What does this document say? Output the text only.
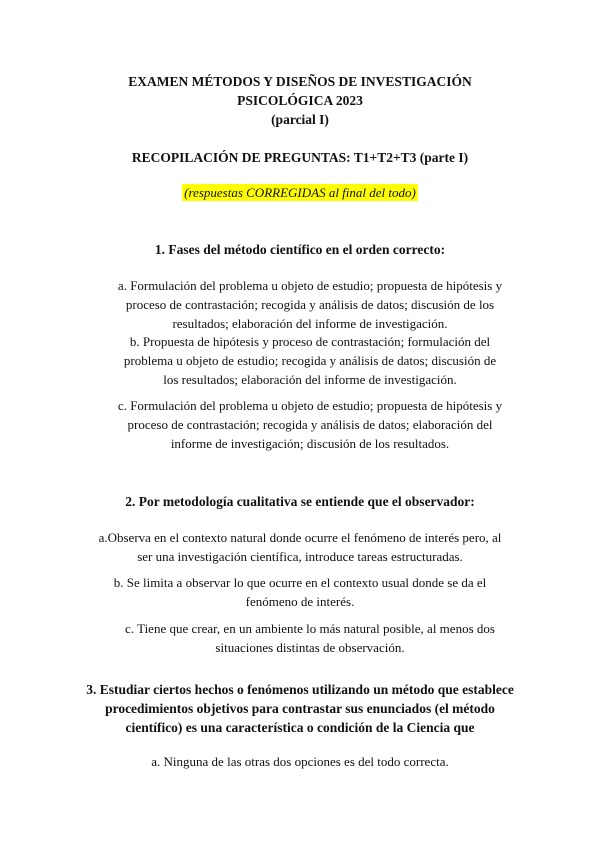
EXAMEN MÉTODOS Y DISEÑOS DE INVESTIGACIÓN
PSICOLÓGICA 2023
(parcial I)
RECOPILACIÓN DE PREGUNTAS: T1+T2+T3 (parte I)
(respuestas CORREGIDAS al final del todo)
1. Fases del método científico en el orden correcto:
a. Formulación del problema u objeto de estudio; propuesta de hipótesis y
proceso de contrastación; recogida y análisis de datos; discusión de los
resultados; elaboración del informe de investigación.
b. Propuesta de hipótesis y proceso de contrastación; formulación del
problema u objeto de estudio; recogida y análisis de datos; discusión de
los resultados; elaboración del informe de investigación.
c. Formulación del problema u objeto de estudio; propuesta de hipótesis y
proceso de contrastación; recogida y análisis de datos; elaboración del
informe de investigación; discusión de los resultados.
2. Por metodología cualitativa se entiende que el observador:
a.Observa en el contexto natural donde ocurre el fenómeno de interés pero, al
ser una investigación científica, introduce tareas estructuradas.
b. Se limita a observar lo que ocurre en el contexto usual donde se da el
fenómeno de interés.
c. Tiene que crear, en un ambiente lo más natural posible, al menos dos
situaciones distintas de observación.
3. Estudiar ciertos hechos o fenómenos utilizando un método que establece
procedimientos objetivos para contrastar sus enunciados (el método
científico) es una característica o condición de la Ciencia que
a. Ninguna de las otras dos opciones es del todo correcta.
